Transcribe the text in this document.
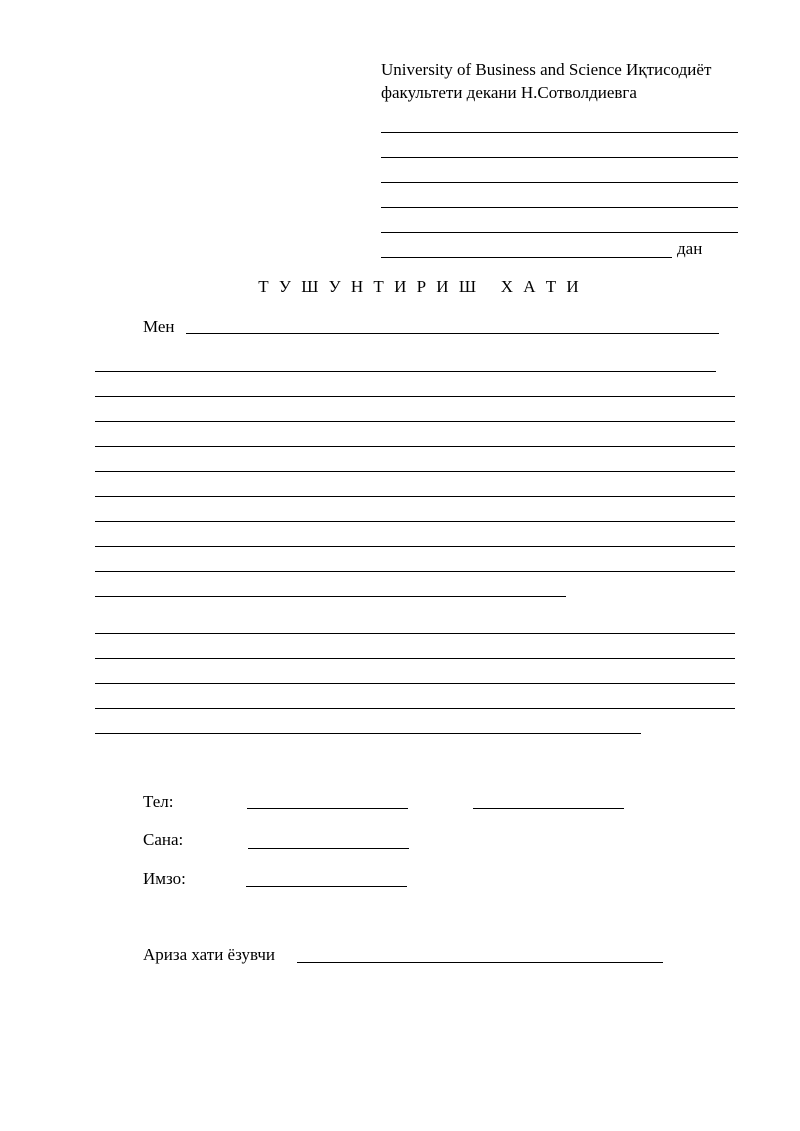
University of Business and Science Иқтисодиёт
факультети декани Н.Сотволдиевга
дан
Т У Ш У Н Т И Р И Ш   Х А Т И
Мен
Тел:
Сана:
Имзо:
Ариза хати ёзувчи
